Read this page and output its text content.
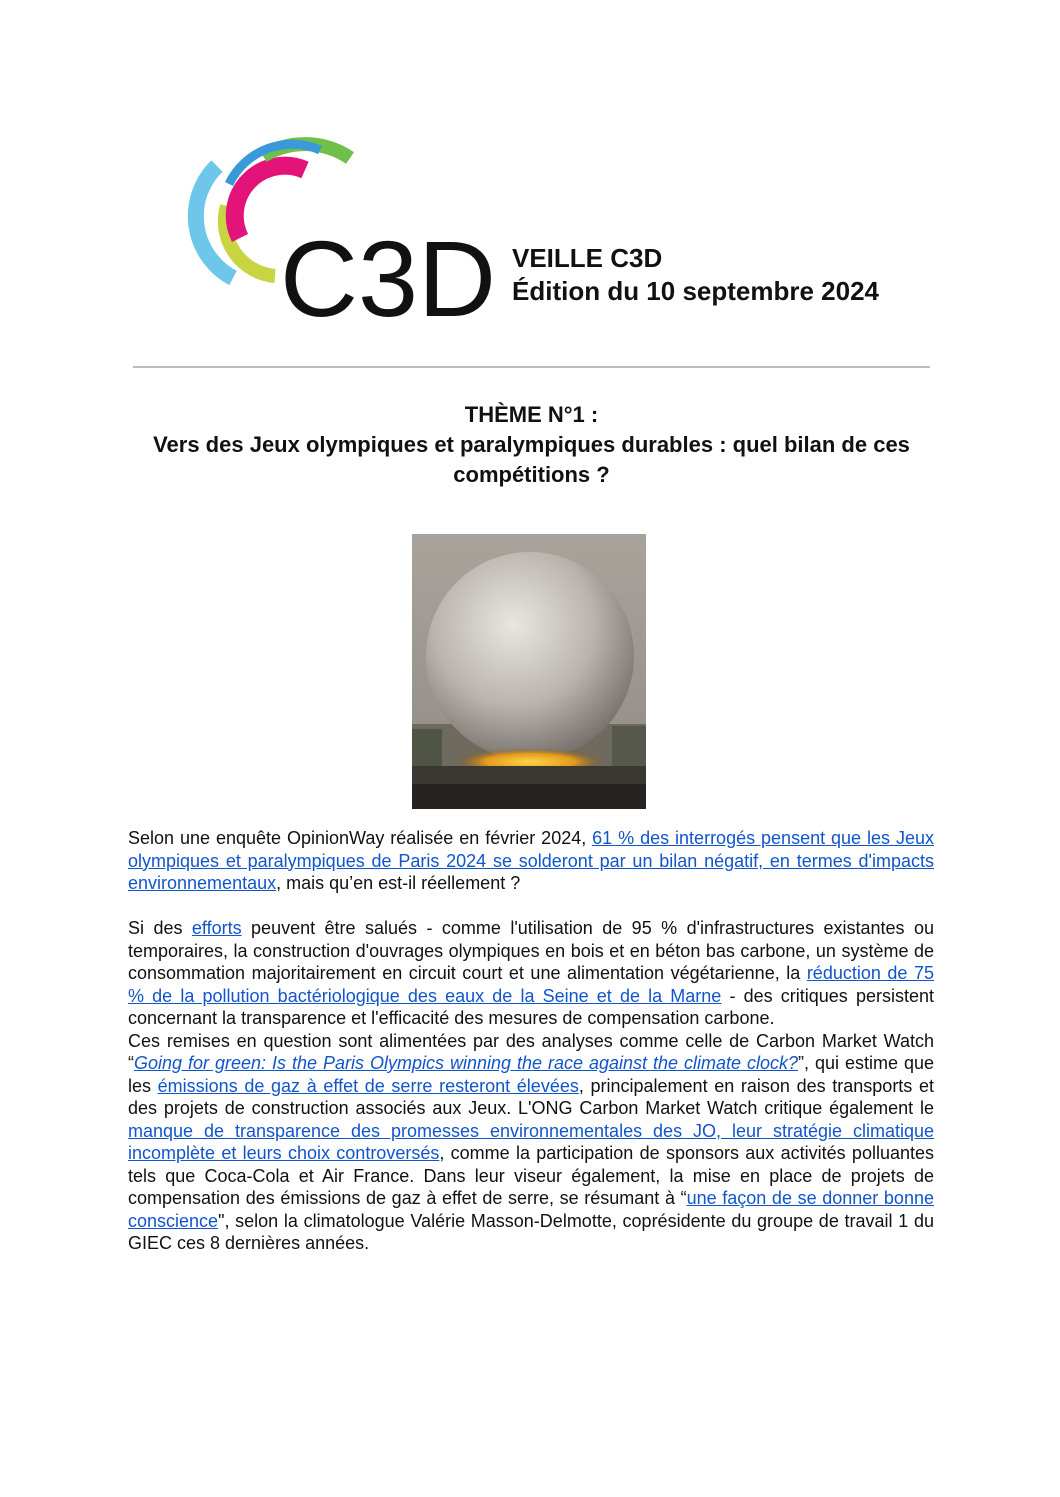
C3D VEILLE C3D
Édition du 10 septembre 2024
THÈME N°1 :
Vers des Jeux olympiques et paralympiques durables : quel bilan de ces compétitions ?

Selon une enquête OpinionWay réalisée en février 2024, 61 % des interrogés pensent que les Jeux olympiques et paralympiques de Paris 2024 se solderont par un bilan négatif, en termes d'impacts environnementaux, mais qu’en est-il réellement ?

Si des efforts peuvent être salués - comme l'utilisation de 95 % d'infrastructures existantes ou temporaires, la construction d'ouvrages olympiques en bois et en béton bas carbone, un système de consommation majoritairement en circuit court et une alimentation végétarienne, la réduction de 75 % de la pollution bactériologique des eaux de la Seine et de la Marne - des critiques persistent concernant la transparence et l'efficacité des mesures de compensation carbone.

Ces remises en question sont alimentées par des analyses comme celle de Carbon Market Watch “Going for green: Is the Paris Olympics winning the race against the climate clock?”, qui estime que les émissions de gaz à effet de serre resteront élevées, principalement en raison des transports et des projets de construction associés aux Jeux. L'ONG Carbon Market Watch critique également le manque de transparence des promesses environnementales des JO, leur stratégie climatique incomplète et leurs choix controversés, comme la participation de sponsors aux activités polluantes tels que Coca-Cola et Air France. Dans leur viseur également, la mise en place de projets de compensation des émissions de gaz à effet de serre, se résumant à “une façon de se donner bonne conscience", selon la climatologue Valérie Masson-Delmotte, coprésidente du groupe de travail 1 du GIEC ces 8 dernières années.
